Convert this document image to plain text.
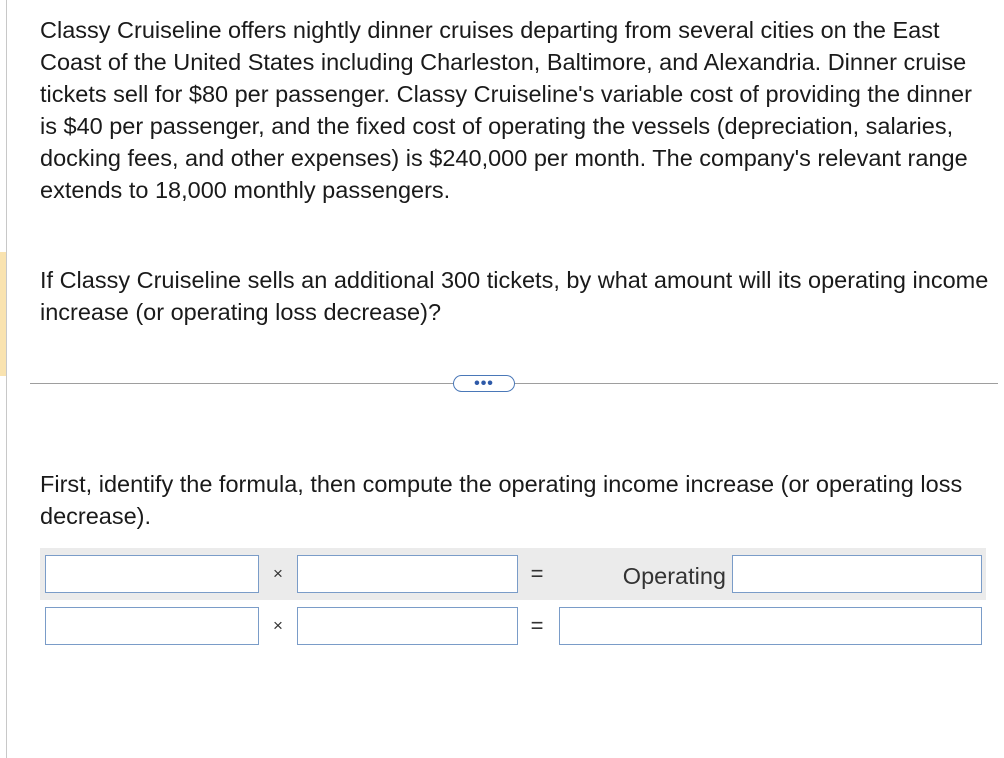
Classy Cruiseline offers nightly dinner cruises departing from several cities on the East Coast of the United States including Charleston, Baltimore, and Alexandria. Dinner cruise tickets sell for $80 per passenger. Classy Cruiseline's variable cost of providing the dinner is $40 per passenger, and the fixed cost of operating the vessels (depreciation, salaries, docking fees, and other expenses) is $240,000 per month. The company's relevant range extends to 18,000 monthly passengers.
If Classy Cruiseline sells an additional 300 tickets, by what amount will its operating income increase (or operating loss decrease)?
•••
First, identify the formula, then compute the operating income increase (or operating loss decrease).
×	=	Operating
×	=
